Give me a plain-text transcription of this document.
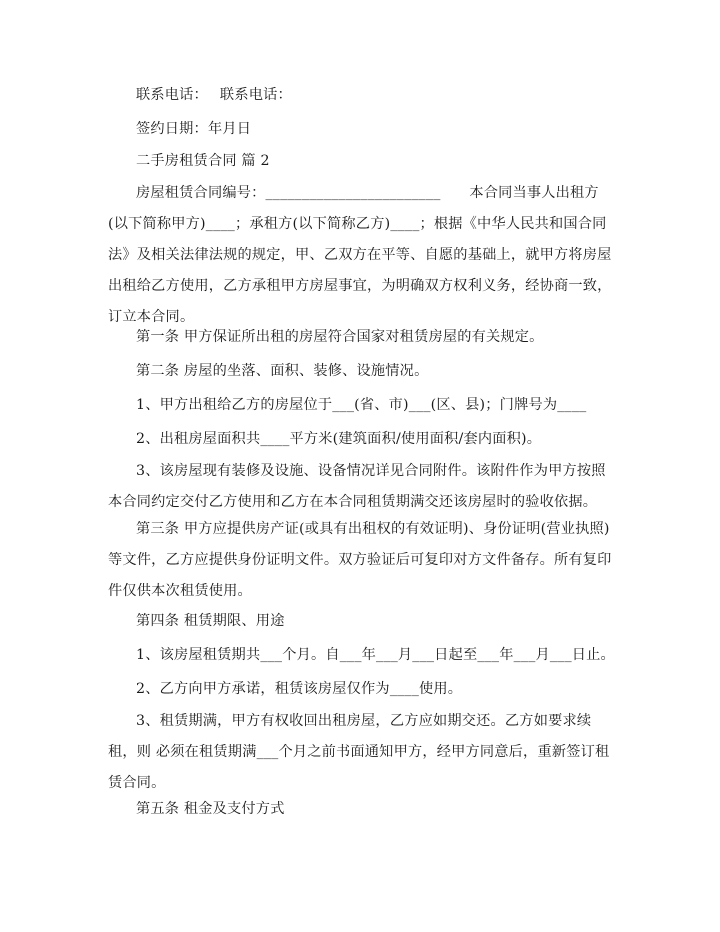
联系电话：　 联系电话：

签约日期：年月日

二手房租赁合同 篇 2

房屋租赁合同编号：________________________　　本合同当事人出租方(以下简称甲方)____；承租方(以下简称乙方)____；根据《中华人民共和国合同法》及相关法律法规的规定，甲、乙双方在平等、自愿的基础上，就甲方将房屋出租给乙方使用，乙方承租甲方房屋事宜，为明确双方权利义务，经协商一致，订立本合同。

第一条 甲方保证所出租的房屋符合国家对租赁房屋的有关规定。

第二条 房屋的坐落、面积、装修、设施情况。

1、甲方出租给乙方的房屋位于___(省、市)___(区、县)；门牌号为____

2、出租房屋面积共____平方米(建筑面积/使用面积/套内面积)。

3、该房屋现有装修及设施、设备情况详见合同附件。该附件作为甲方按照本合同约定交付乙方使用和乙方在本合同租赁期满交还该房屋时的验收依据。

第三条 甲方应提供房产证(或具有出租权的有效证明)、身份证明(营业执照)等文件，乙方应提供身份证明文件。双方验证后可复印对方文件备存。所有复印件仅供本次租赁使用。

第四条 租赁期限、用途

1、该房屋租赁期共___个月。自___年___月___日起至___年___月___日止。

2、乙方向甲方承诺，租赁该房屋仅作为____使用。

3、租赁期满，甲方有权收回出租房屋，乙方应如期交还。乙方如要求续租，则 必须在租赁期满___个月之前书面通知甲方，经甲方同意后，重新签订租赁合同。

第五条 租金及支付方式
